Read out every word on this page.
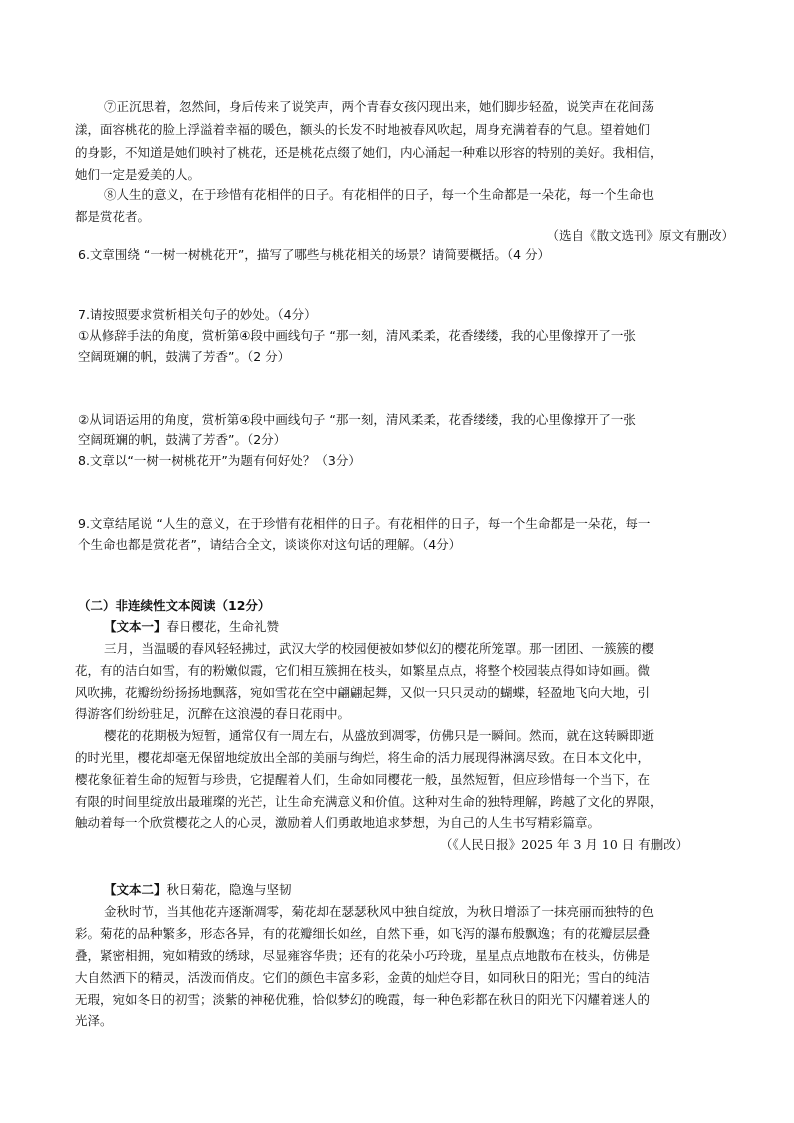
⑦正沉思着，忽然间，身后传来了说笑声，两个青春女孩闪现出来，她们脚步轻盈，说笑声在花间荡
漾，面容桃花的脸上浮溢着幸福的暖色，额头的长发不时地被春风吹起，周身充满着春的气息。望着她们
的身影，不知道是她们映衬了桃花，还是桃花点缀了她们，内心涌起一种难以形容的特别的美好。我相信，
她们一定是爱美的人。
⑧人生的意义，在于珍惜有花相伴的日子。有花相伴的日子，每一个生命都是一朵花，每一个生命也
都是赏花者。
（选自《散文选刊》原文有删改）
6.文章围绕 “一树一树桃花开”，描写了哪些与桃花相关的场景？请简要概括。（4 分）
7.请按照要求赏析相关句子的妙处。（4分）
①从修辞手法的角度，赏析第④段中画线句子 “那一刻，清风柔柔，花香缕缕，我的心里像撑开了一张
空阔斑斓的帆，鼓满了芳香”。（2 分）
②从词语运用的角度，赏析第④段中画线句子 “那一刻，清风柔柔，花香缕缕，我的心里像撑开了一张
空阔斑斓的帆，鼓满了芳香”。（2分）
8.文章以“一树一树桃花开”为题有何好处？（3分）
9.文章结尾说 “人生的意义，在于珍惜有花相伴的日子。有花相伴的日子，每一个生命都是一朵花，每一
个生命也都是赏花者”，请结合全文，谈谈你对这句话的理解。（4分）
（二）非连续性文本阅读（12分）
【文本一】春日樱花，生命礼赞
三月，当温暖的春风轻轻拂过，武汉大学的校园便被如梦似幻的樱花所笼罩。那一团团、一簇簇的樱
花，有的洁白如雪，有的粉嫩似霞，它们相互簇拥在枝头，如繁星点点，将整个校园装点得如诗如画。微
风吹拂，花瓣纷纷扬扬地飘落，宛如雪花在空中翩翩起舞，又似一只只灵动的蝴蝶，轻盈地飞向大地，引
得游客们纷纷驻足，沉醉在这浪漫的春日花雨中。
樱花的花期极为短暂，通常仅有一周左右，从盛放到凋零，仿佛只是一瞬间。然而，就在这转瞬即逝
的时光里，樱花却毫无保留地绽放出全部的美丽与绚烂，将生命的活力展现得淋漓尽致。在日本文化中，
樱花象征着生命的短暂与珍贵，它提醒着人们，生命如同樱花一般，虽然短暂，但应珍惜每一个当下，在
有限的时间里绽放出最璀璨的光芒，让生命充满意义和价值。这种对生命的独特理解，跨越了文化的界限，
触动着每一个欣赏樱花之人的心灵，激励着人们勇敢地追求梦想，为自己的人生书写精彩篇章。
（《人民日报》2025 年 3 月 10 日 有删改）
【文本二】秋日菊花，隐逸与坚韧
金秋时节，当其他花卉逐渐凋零，菊花却在瑟瑟秋风中独自绽放，为秋日增添了一抹亮丽而独特的色
彩。菊花的品种繁多，形态各异，有的花瓣细长如丝，自然下垂，如飞泻的瀑布般飘逸；有的花瓣层层叠
叠，紧密相拥，宛如精致的绣球，尽显雍容华贵；还有的花朵小巧玲珑，星星点点地散布在枝头，仿佛是
大自然洒下的精灵，活泼而俏皮。它们的颜色丰富多彩，金黄的灿烂夺目，如同秋日的阳光；雪白的纯洁
无瑕，宛如冬日的初雪；淡紫的神秘优雅，恰似梦幻的晚霞，每一种色彩都在秋日的阳光下闪耀着迷人的
光泽。
